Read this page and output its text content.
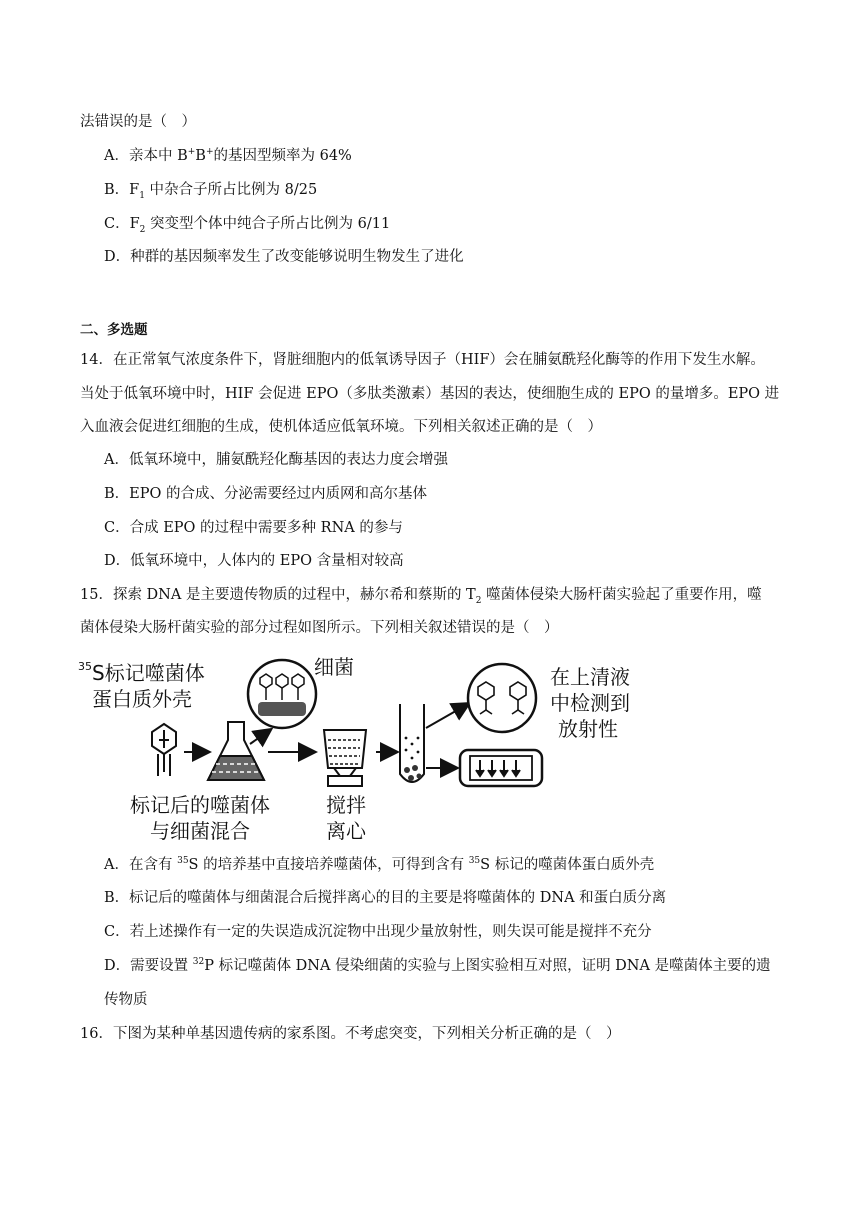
法错误的是（　）
A．亲本中 B+B+的基因型频率为 64%
B．$F_1$ 中杂合子所占比例为 8/25
C．$F_2$ 突变型个体中纯合子所占比例为 6/11
D．种群的基因频率发生了改变能够说明生物发生了进化
二、多选题
14．在正常氧气浓度条件下，肾脏细胞内的低氧诱导因子（HIF）会在脯氨酰羟化酶等的作用下发生水解。
当处于低氧环境中时，HIF 会促进 EPO（多肽类激素）基因的表达，使细胞生成的 EPO 的量增多。EPO 进
入血液会促进红细胞的生成，使机体适应低氧环境。下列相关叙述正确的是（　）
A．低氧环境中，脯氨酰羟化酶基因的表达力度会增强
B．EPO 的合成、分泌需要经过内质网和高尔基体
C．合成 EPO 的过程中需要多种 RNA 的参与
D．低氧环境中，人体内的 EPO 含量相对较高
15．探索 DNA 是主要遗传物质的过程中，赫尔希和蔡斯的 $T_2$ 噬菌体侵染大肠杆菌实验起了重要作用，噬
菌体侵染大肠杆菌实验的部分过程如图所示。下列相关叙述错误的是（　）
35 S标记噬菌体
蛋白质外壳
细菌
标记后的噬菌体
与细菌混合
搅拌
离心
在上清液
中检测到
放射性
A．在含有 $^{35}$S 的培养基中直接培养噬菌体，可得到含有 $^{35}$S 标记的噬菌体蛋白质外壳
B．标记后的噬菌体与细菌混合后搅拌离心的目的主要是将噬菌体的 DNA 和蛋白质分离
C．若上述操作有一定的失误造成沉淀物中出现少量放射性，则失误可能是搅拌不充分
D．需要设置 $^{32}$P 标记噬菌体 DNA 侵染细菌的实验与上图实验相互对照，证明 DNA 是噬菌体主要的遗
传物质
16．下图为某种单基因遗传病的家系图。不考虑突变，下列相关分析正确的是（　）
